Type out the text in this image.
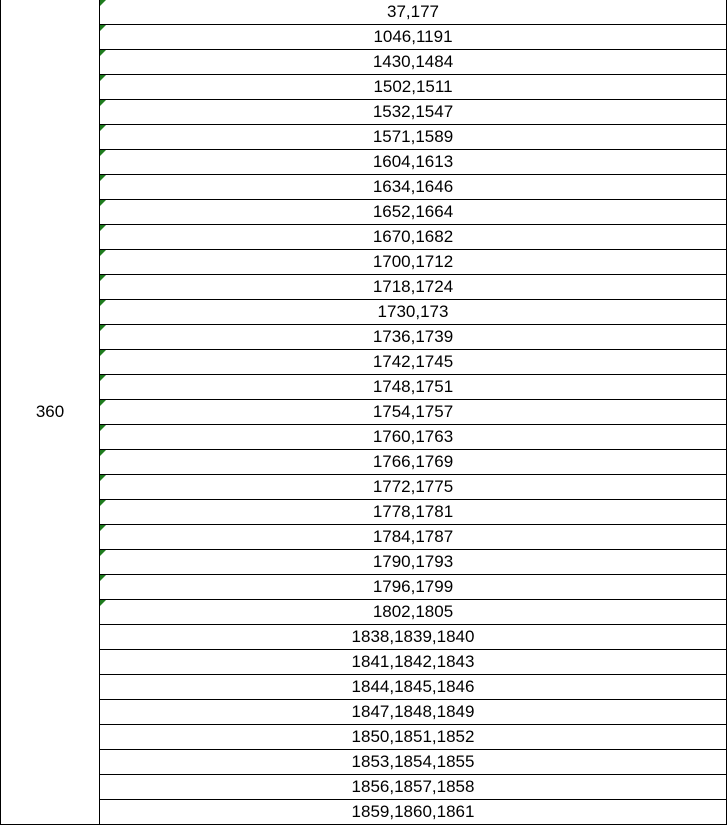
360
37,177
1046,1191
1430,1484
1502,1511
1532,1547
1571,1589
1604,1613
1634,1646
1652,1664
1670,1682
1700,1712
1718,1724
1730,173
1736,1739
1742,1745
1748,1751
1754,1757
1760,1763
1766,1769
1772,1775
1778,1781
1784,1787
1790,1793
1796,1799
1802,1805
1838,1839,1840
1841,1842,1843
1844,1845,1846
1847,1848,1849
1850,1851,1852
1853,1854,1855
1856,1857,1858
1859,1860,1861
